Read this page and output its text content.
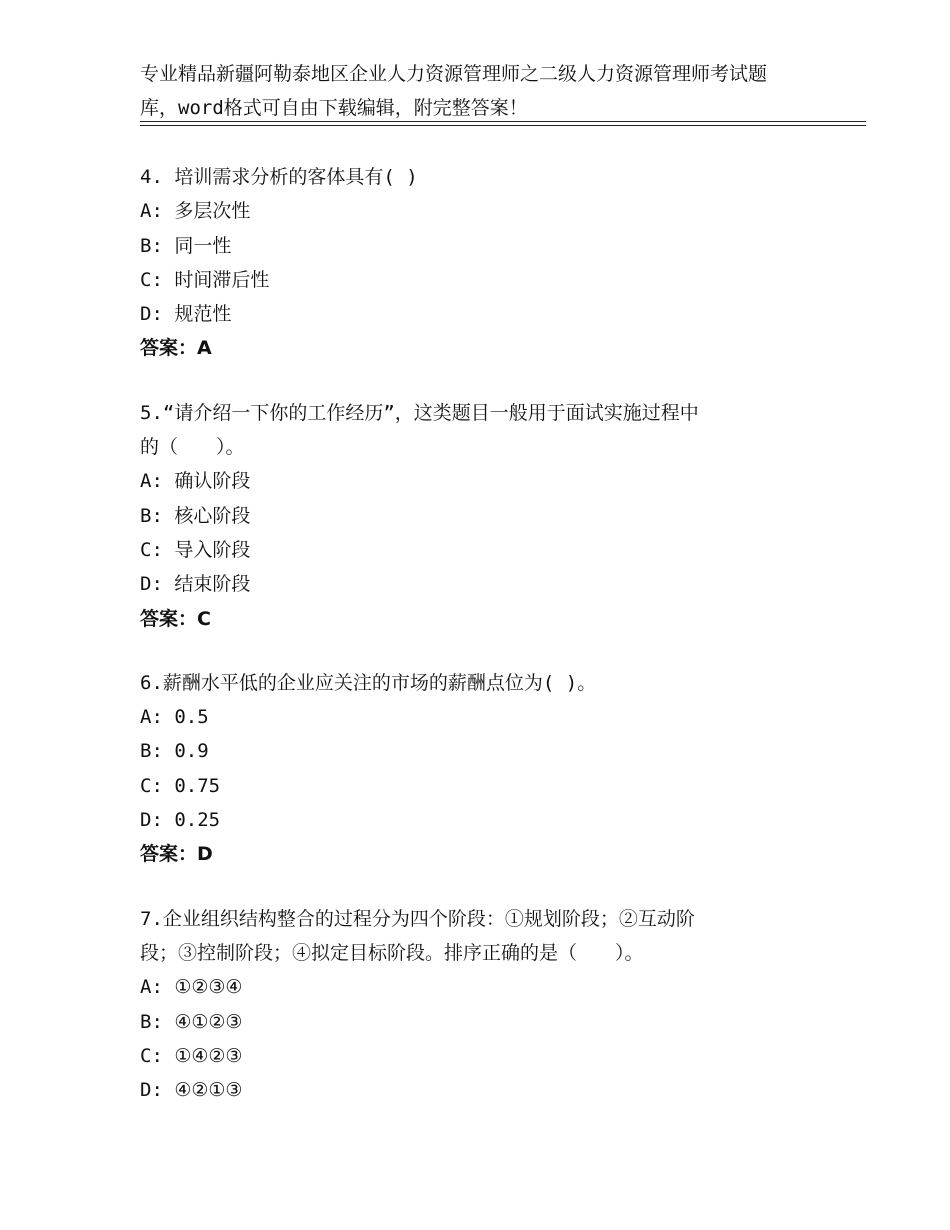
专业精品新疆阿勒泰地区企业人力资源管理师之二级人力资源管理师考试题
库，word格式可自由下载编辑，附完整答案！
4. 培训需求分析的客体具有( )
A: 多层次性
B: 同一性
C: 时间滞后性
D: 规范性
答案：A
5.“请介绍一下你的工作经历”，这类题目一般用于面试实施过程中
的（　　）。
A: 确认阶段
B: 核心阶段
C: 导入阶段
D: 结束阶段
答案：C
6.薪酬水平低的企业应关注的市场的薪酬点位为( )。
A: 0.5
B: 0.9
C: 0.75
D: 0.25
答案：D
7.企业组织结构整合的过程分为四个阶段：①规划阶段；②互动阶
段；③控制阶段；④拟定目标阶段。排序正确的是（　　）。
A: ①②③④
B: ④①②③
C: ①④②③
D: ④②①③
